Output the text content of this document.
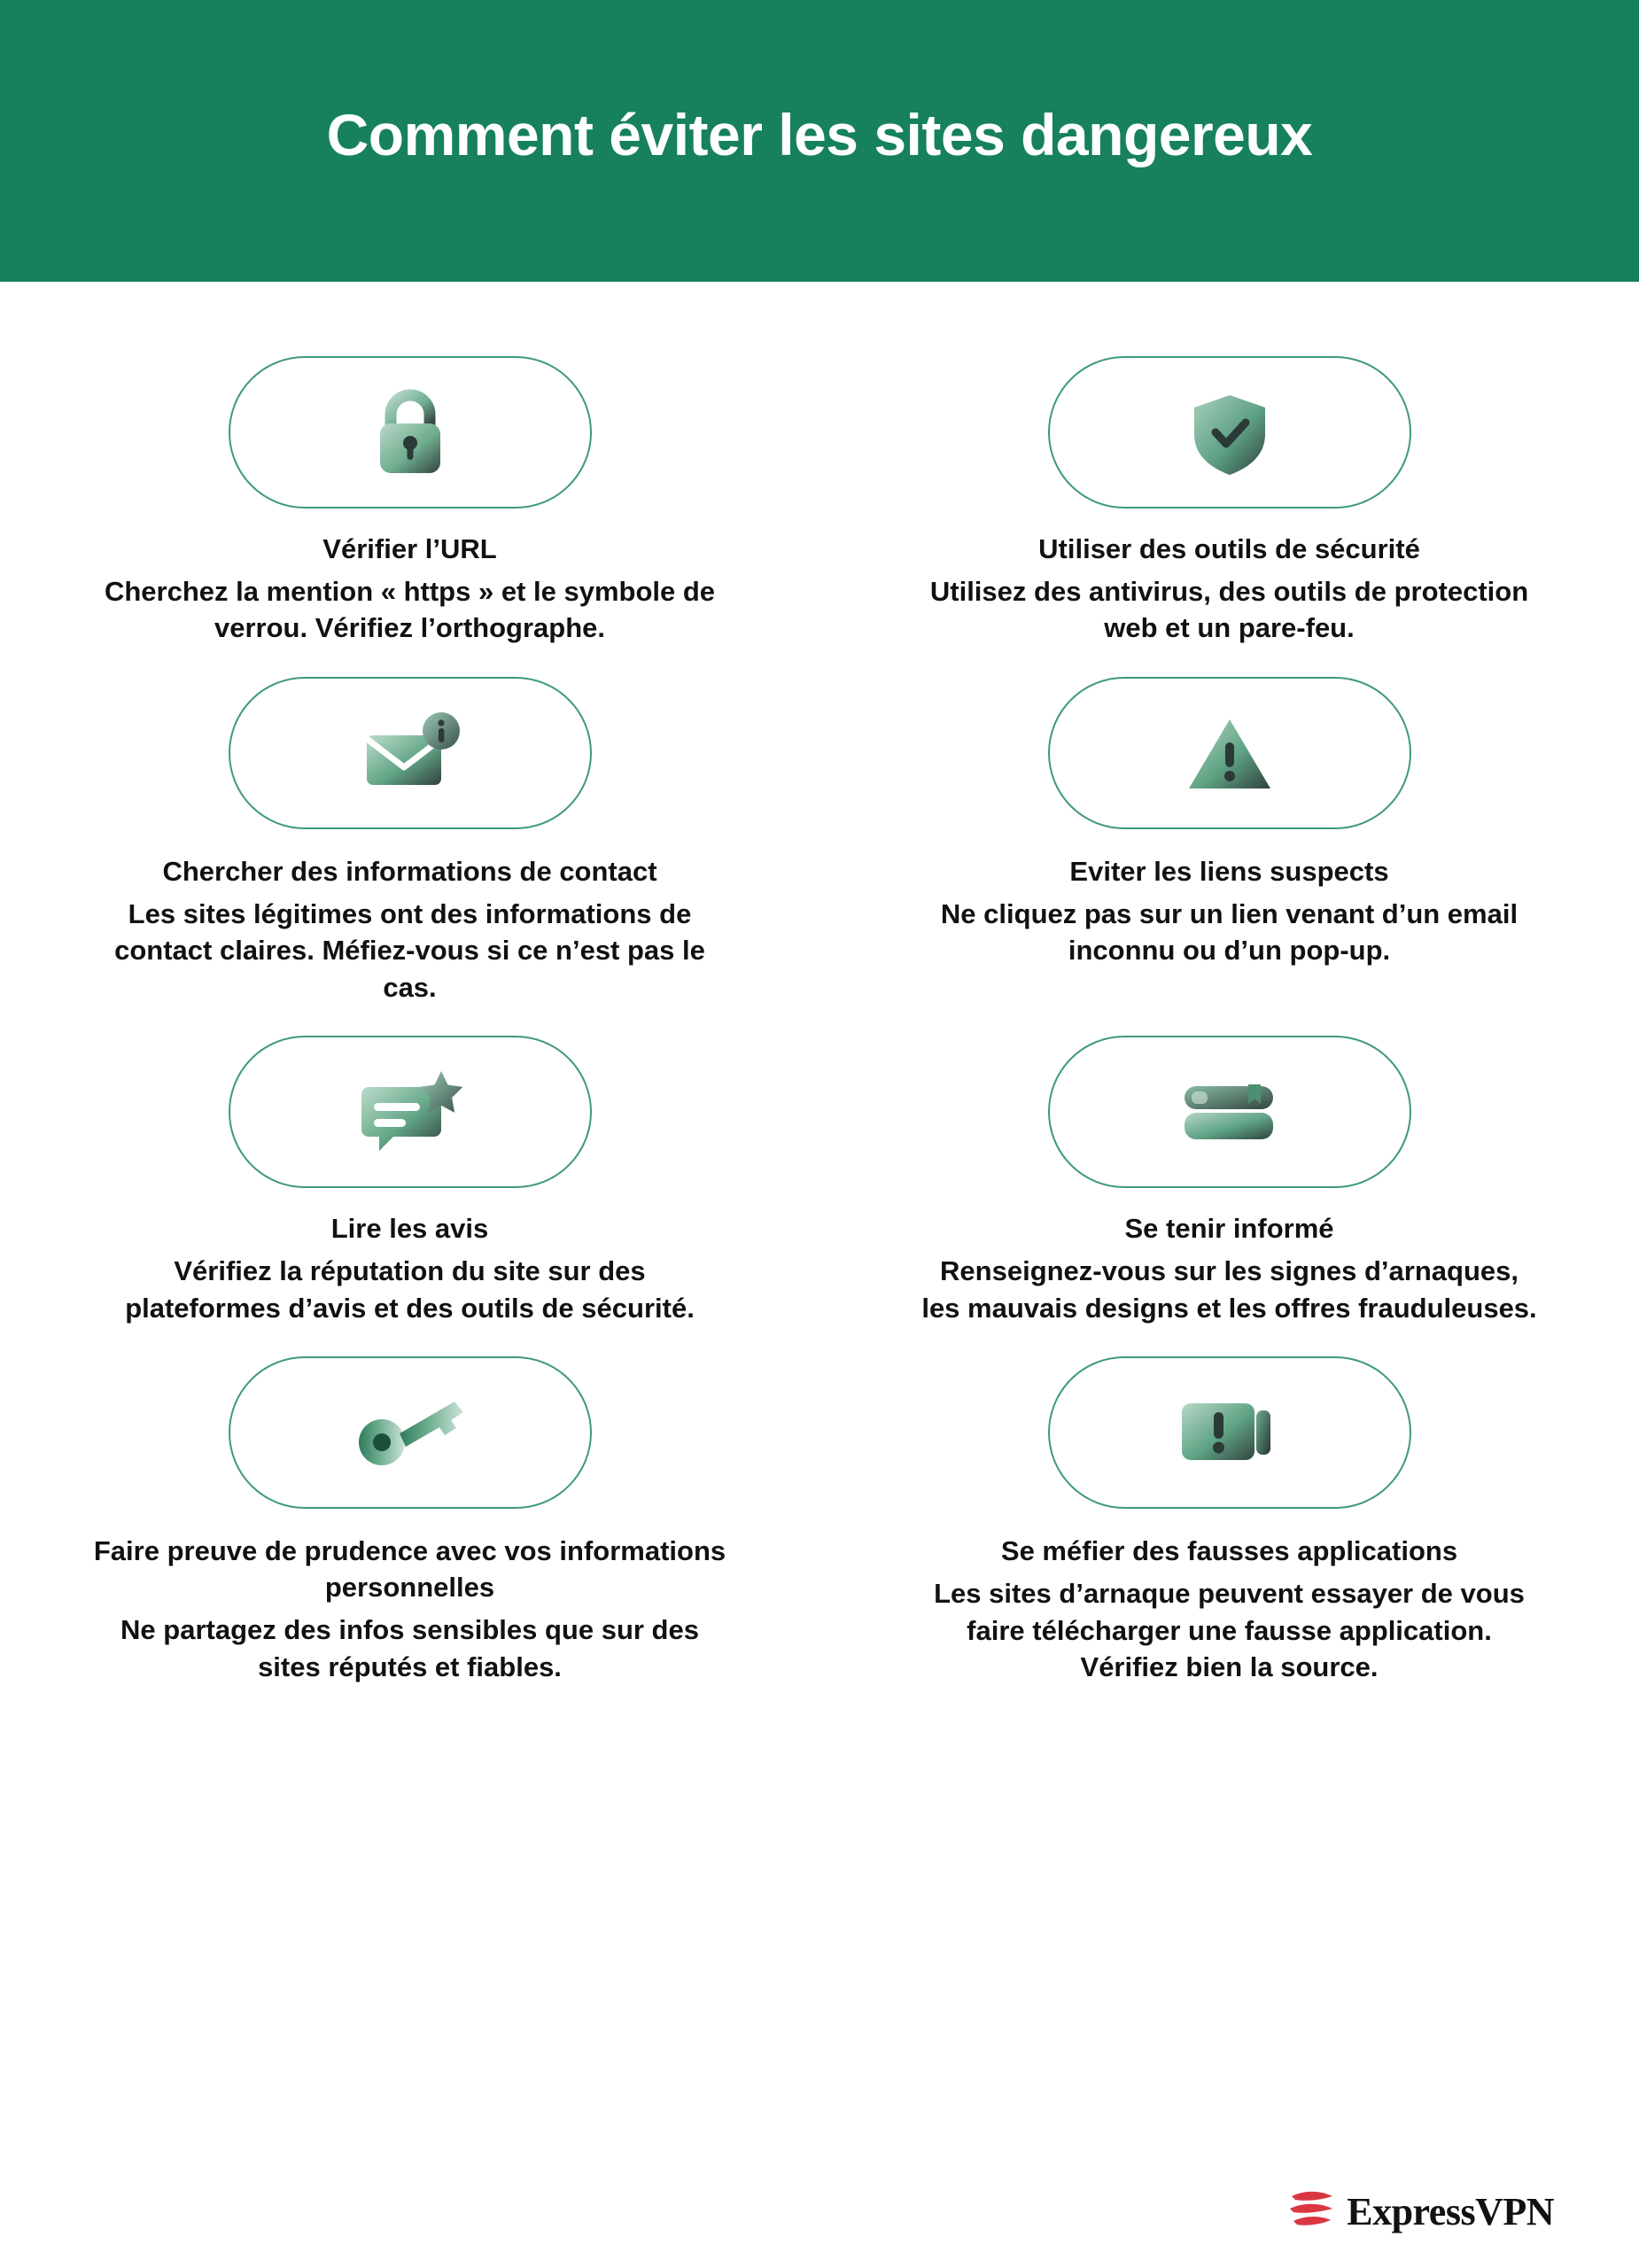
Comment éviter les sites dangereux
Vérifier l’URL
Cherchez la mention « https » et le symbole de verrou. Vérifiez l’orthographe.
Utiliser des outils de sécurité
Utilisez des antivirus, des outils de protection web et un pare-feu.
Chercher des informations de contact
Les sites légitimes ont des informations de contact claires. Méfiez-vous si ce n’est pas le cas.
Eviter les liens suspects
Ne cliquez pas sur un lien venant d’un email inconnu ou d’un pop-up.
Lire les avis
Vérifiez la réputation du site sur des plateformes d’avis et des outils de sécurité.
Se tenir informé
Renseignez-vous sur les signes d’arnaques, les mauvais designs et les offres frauduleuses.
Faire preuve de prudence avec vos informations personnelles
Ne partagez des infos sensibles que sur des sites réputés et fiables.
Se méfier des fausses applications
Les sites d’arnaque peuvent essayer de vous faire télécharger une fausse application. Vérifiez bien la source.
ExpressVPN
